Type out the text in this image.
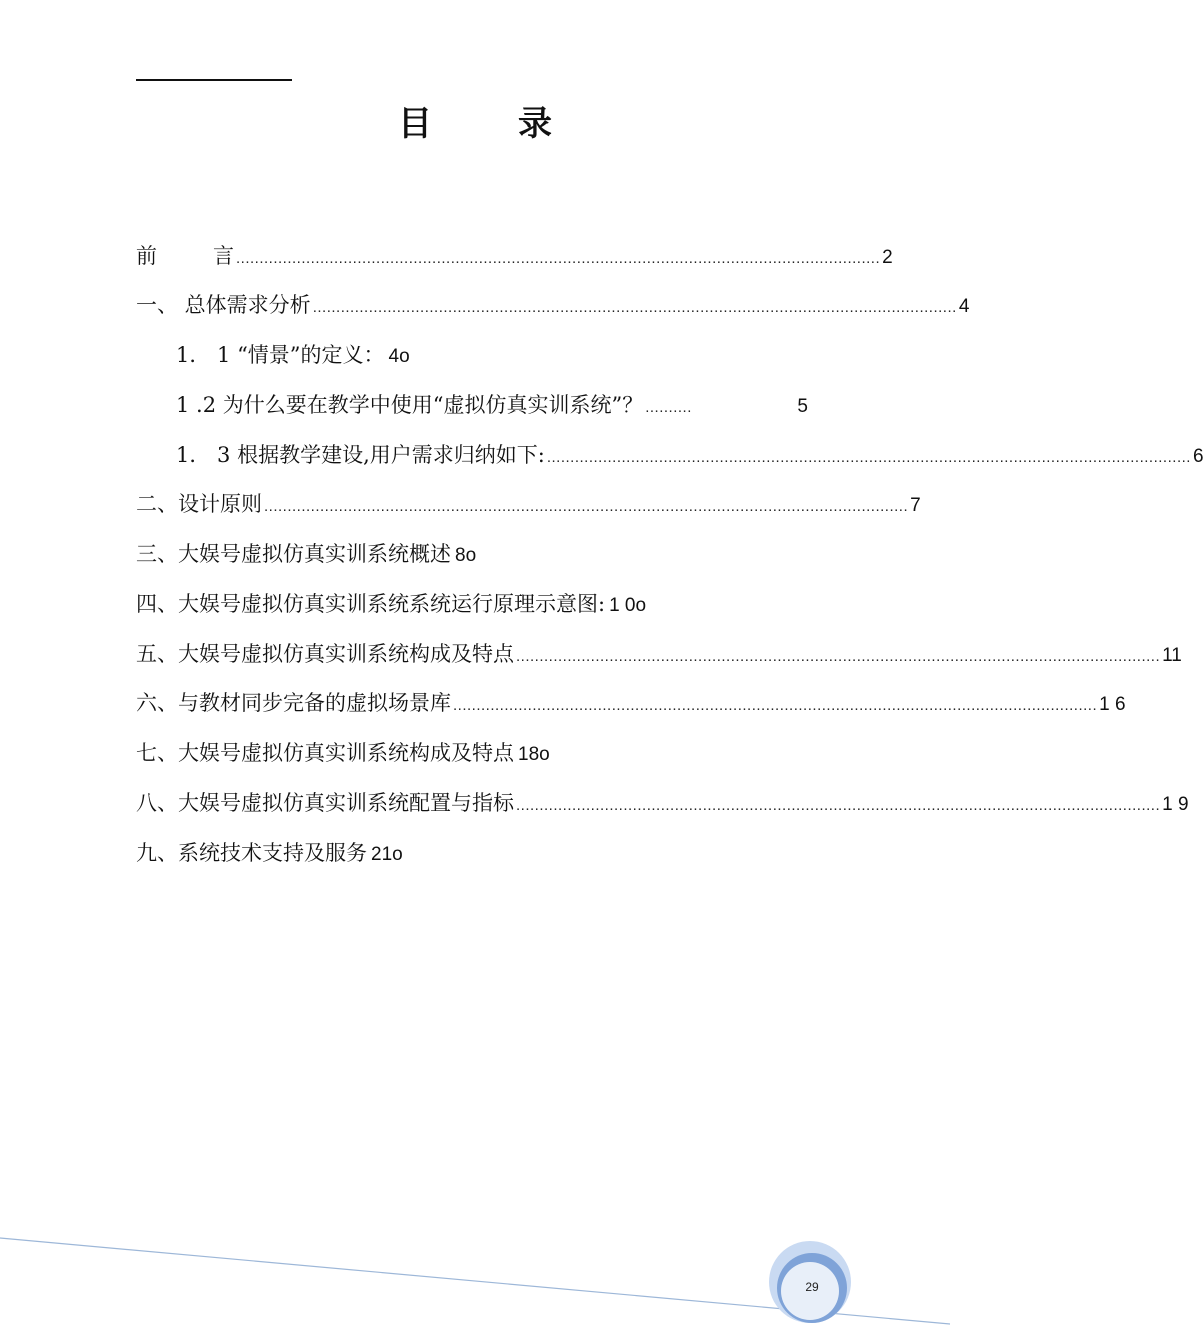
目	录
前	言 .......................................................................................................................................... 2
一、 总体需求分析 .......................................................................................................................................... 4
1． 1 “情景”的定义： 4o
1 .2 为什么要在教学中使用“虚拟仿真实训系统”？ ..........	5
1． 3 根据教学建设,用户需求归纳如下: .......................................................................................................................................... 6
二、设计原则 .......................................................................................................................................... 7
三、大娱号虚拟仿真实训系统概述 8o
四、大娱号虚拟仿真实训系统系统运行原理示意图: 1 0o
五、大娱号虚拟仿真实训系统构成及特点 .......................................................................................................................................... 11
六、与教材同步完备的虚拟场景库 .......................................................................................................................................... 1 6
七、大娱号虚拟仿真实训系统构成及特点 18o
八、大娱号虚拟仿真实训系统配置与指标 .......................................................................................................................................... 1 9
九、系统技术支持及服务 21o
29
